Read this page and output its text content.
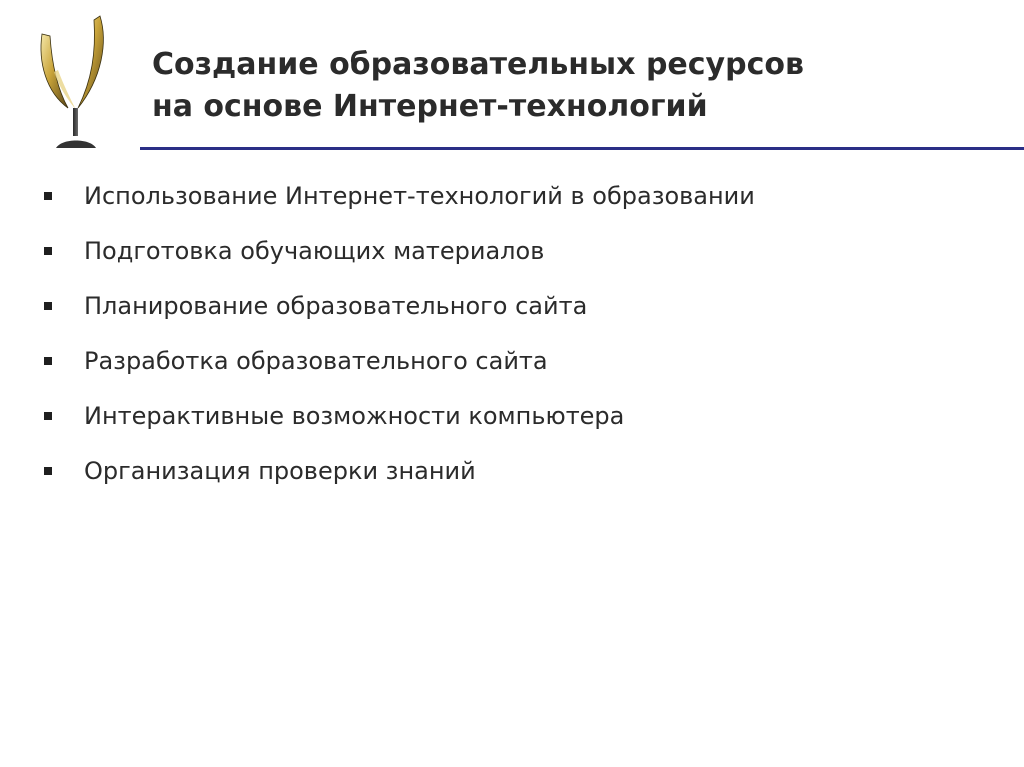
Создание образовательных ресурсов
на основе Интернет-технологий
Использование Интернет-технологий в образовании
Подготовка обучающих материалов
Планирование образовательного сайта
Разработка образовательного сайта
Интерактивные возможности компьютера
Организация проверки знаний
